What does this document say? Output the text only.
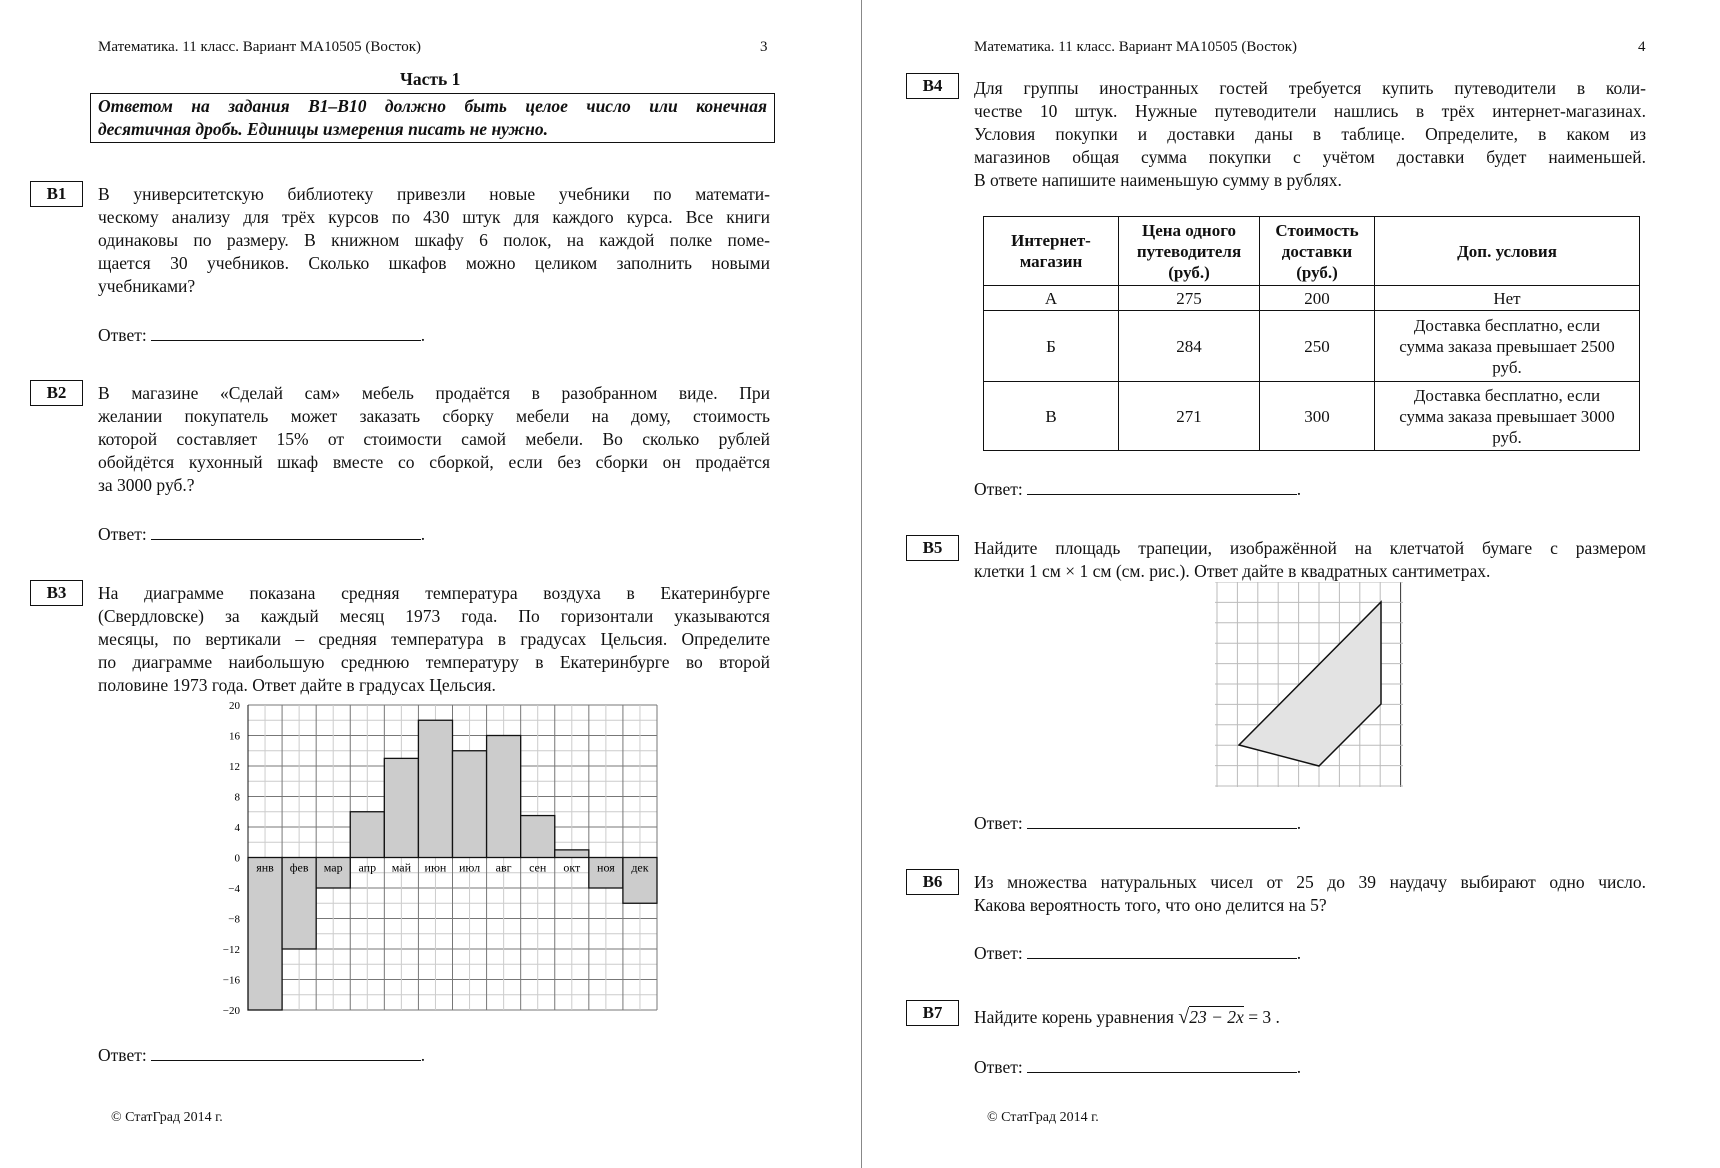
Математика. 11 класс. Вариант МА10505 (Восток)	3
Часть 1
Ответом на задания В1–В10 должно быть целое число или конечная
десятичная дробь. Единицы измерения писать не нужно.
В1	В университетскую библиотеку привезли новые учебники по математи-
ческому анализу для трёх курсов по 430 штук для каждого курса. Все книги
одинаковы по размеру. В книжном шкафу 6 полок, на каждой полке поме-
щается 30 учебников. Сколько шкафов можно целиком заполнить новыми
учебниками?
Ответ:	.
В2	В магазине «Сделай сам» мебель продаётся в разобранном виде. При
желании покупатель может заказать сборку мебели на дому, стоимость
которой составляет 15% от стоимости самой мебели. Во сколько рублей
обойдётся кухонный шкаф вместе со сборкой, если без сборки он продаётся
за 3000 руб.?
Ответ:	.
В3	На диаграмме показана средняя температура воздуха в Екатеринбурге
(Свердловске) за каждый месяц 1973 года. По горизонтали указываются
месяцы, по вертикали – средняя температура в градусах Цельсия. Определите
по диаграмме наибольшую среднюю температуру в Екатеринбурге во второй
половине 1973 года. Ответ дайте в градусах Цельсия.
20
16
12
8
4
0
−4
−8
−12
−16
−20
янв фев мар апр май июн июл авг сен окт ноя дек
Ответ:	.
© СтатГрад 2014 г.
Математика. 11 класс. Вариант МА10505 (Восток)	4
В4	Для группы иностранных гостей требуется купить путеводители в коли-
честве 10 штук. Нужные путеводители нашлись в трёх интернет-магазинах.
Условия покупки и доставки даны в таблице. Определите, в каком из
магазинов общая сумма покупки с учётом доставки будет наименьшей.
В ответе напишите наименьшую сумму в рублях.
Интернет-магазин	Цена одного путеводителя (руб.)	Стоимость доставки (руб.)	Доп. условия
А	275	200	Нет
Б	284	250	Доставка бесплатно, если сумма заказа превышает 2500 руб.
В	271	300	Доставка бесплатно, если сумма заказа превышает 3000 руб.
Ответ:	.
В5	Найдите площадь трапеции, изображённой на клетчатой бумаге с размером
клетки 1 см × 1 см (см. рис.). Ответ дайте в квадратных сантиметрах.
Ответ:	.
В6	Из множества натуральных чисел от 25 до 39 наудачу выбирают одно число.
Какова вероятность того, что оно делится на 5?
Ответ:	.
В7	Найдите корень уравнения √23 − 2x = 3 .
Ответ:	.
© СтатГрад 2014 г.
